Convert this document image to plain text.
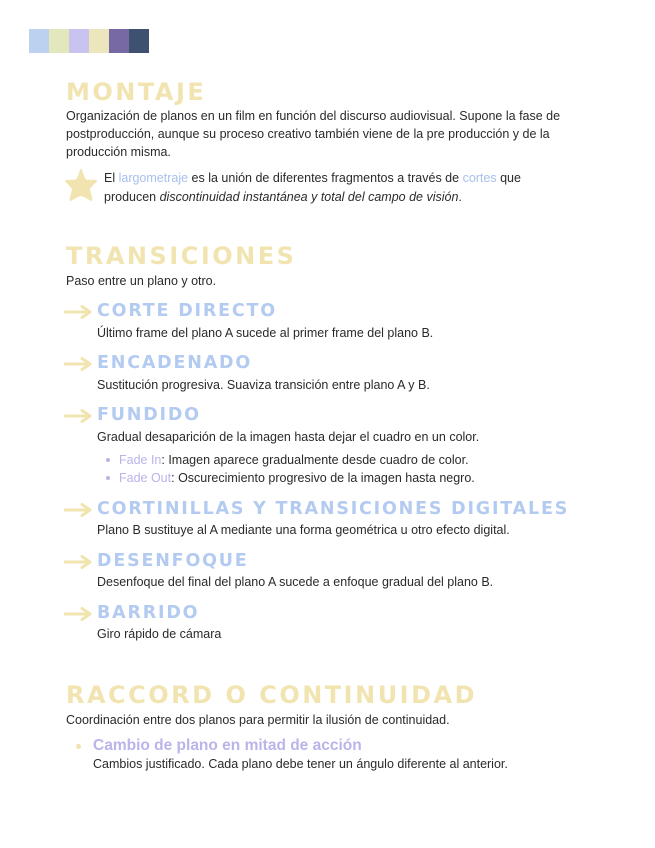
MONTAJE

Organización de planos en un film en función del discurso audiovisual. Supone la fase de postproducción, aunque su proceso creativo también viene de la pre producción y de la producción misma.

El largometraje es la unión de diferentes fragmentos a través de cortes que producen discontinuidad instantánea y total del campo de visión.
TRANSICIONES

Paso entre un plano y otro.

CORTE DIRECTO

Último frame del plano A sucede al primer frame del plano B.

ENCADENADO

Sustitución progresiva. Suaviza transición entre plano A y B.

FUNDIDO

Gradual desaparición de la imagen hasta dejar el cuadro en un color.

Fade In: Imagen aparece gradualmente desde cuadro de color.
Fade Out: Oscurecimiento progresivo de la imagen hasta negro.
CORTINILLAS Y TRANSICIONES DIGITALES

Plano B sustituye al A mediante una forma geométrica u otro efecto digital.

DESENFOQUE

Desenfoque del final del plano A sucede a enfoque gradual del plano B.

BARRIDO

Giro rápido de cámara

RACCORD O CONTINUIDAD

Coordinación entre dos planos para permitir la ilusión de continuidad.

Cambio de plano en mitad de acción
Cambios justificado. Cada plano debe tener un ángulo diferente al anterior.
